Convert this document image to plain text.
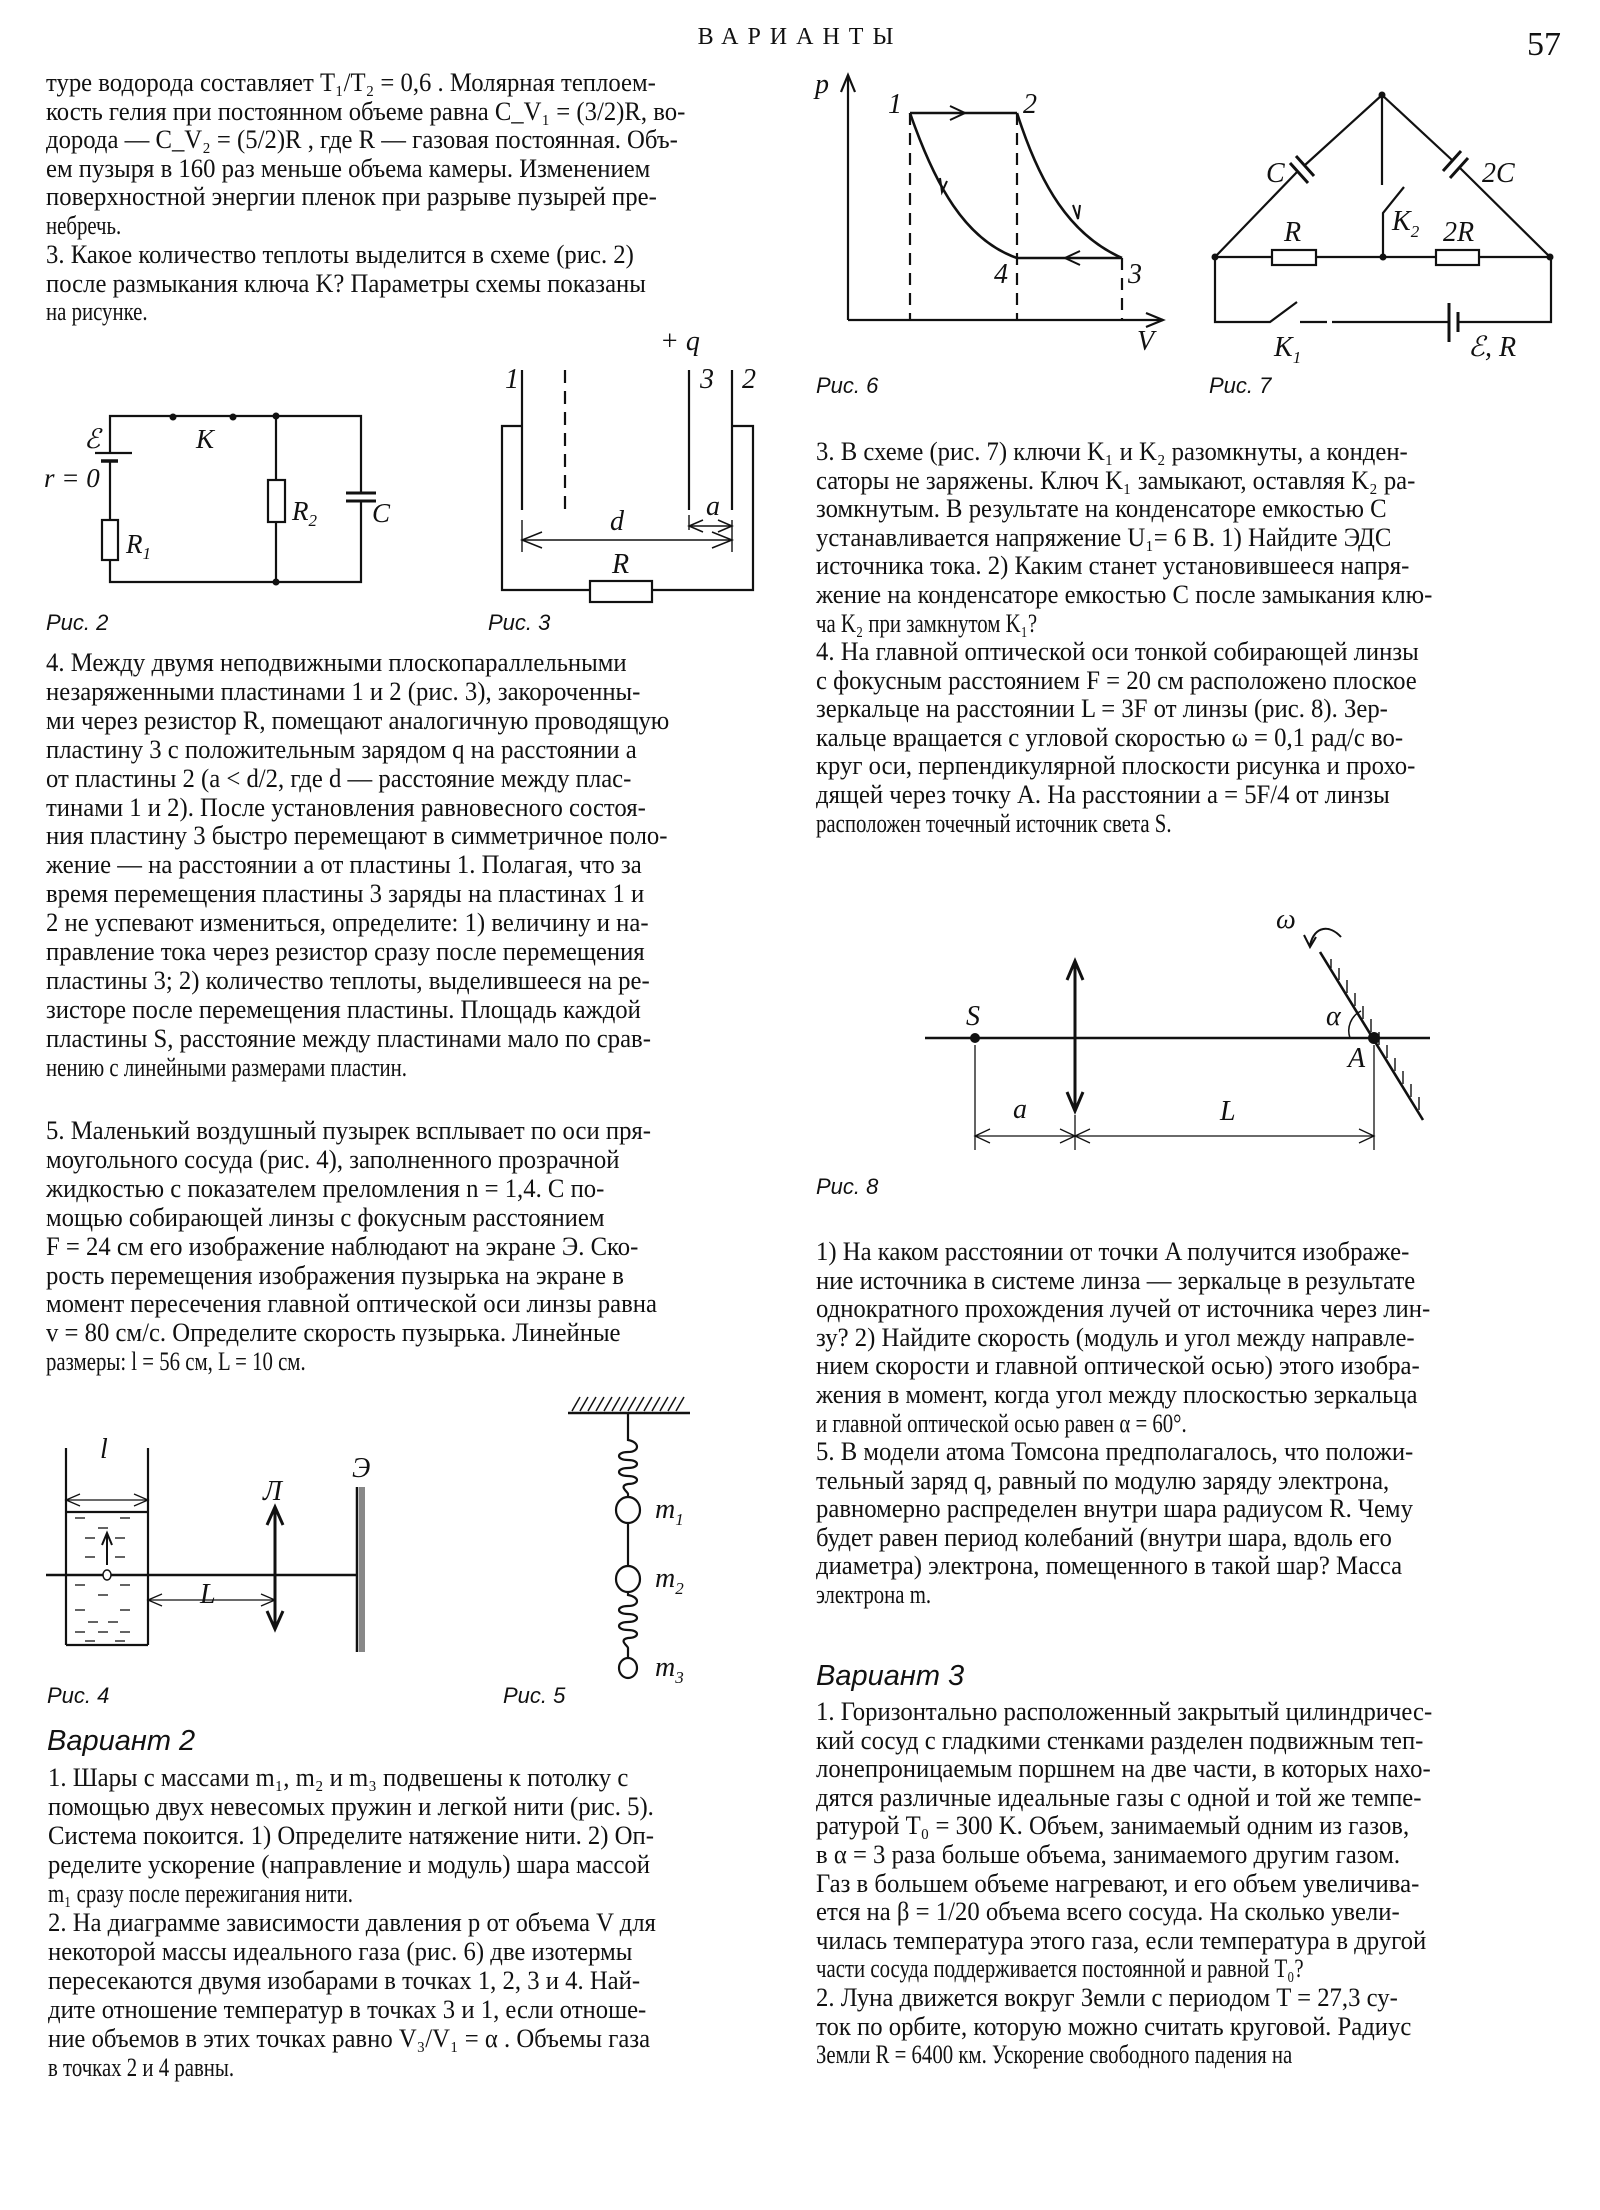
ВАРИАНТЫ	57
туре водорода составляет T₁/T₂ = 0,6 . Молярная теплоем-
кость гелия при постоянном объеме равна C_V₁ = (3/2)R, во-
дорода — C_V₂ = (5/2)R , где R — газовая постоянная. Объ-
ем пузыря в 160 раз меньше объема камеры. Изменением
поверхностной энергии пленок при разрыве пузырей пре-
небречь.
3. Какое количество теплоты выделится в схеме (рис. 2)
после размыкания ключа K? Параметры схемы показаны
на рисунке.
4. Между двумя неподвижными плоскопараллельными
незаряженными пластинами 1 и 2 (рис. 3), закороченны-
ми через резистор R, помещают аналогичную проводящую
пластину 3 с положительным зарядом q на расстоянии a
от пластины 2 (a < d/2, где d — расстояние между плас-
тинами 1 и 2). После установления равновесного состоя-
ния пластину 3 быстро перемещают в симметричное поло-
жение — на расстоянии a от пластины 1. Полагая, что за
время перемещения пластины 3 заряды на пластинах 1 и
2 не успевают измениться, определите: 1) величину и на-
правление тока через резистор сразу после перемещения
пластины 3; 2) количество теплоты, выделившееся на ре-
зисторе после перемещения пластины. Площадь каждой
пластины S, расстояние между пластинами мало по срав-
нению с линейными размерами пластин.
5. Маленький воздушный пузырек всплывает по оси пря-
моугольного сосуда (рис. 4), заполненного прозрачной
жидкостью с показателем преломления n = 1,4. С по-
мощью собирающей линзы с фокусным расстоянием
F = 24 см его изображение наблюдают на экране Э. Ско-
рость перемещения изображения пузырька на экране в
момент пересечения главной оптической оси линзы равна
v = 80 см/с. Определите скорость пузырька. Линейные
размеры: l = 56 см, L = 10 см.
Вариант 2
1. Шары с массами m₁, m₂ и m₃ подвешены к потолку с
помощью двух невесомых пружин и легкой нити (рис. 5).
Система покоится. 1) Определите натяжение нити. 2) Оп-
ределите ускорение (направление и модуль) шара массой
m₁ сразу после пережигания нити.
2. На диаграмме зависимости давления p от объема V для
некоторой массы идеального газа (рис. 6) две изотермы
пересекаются двумя изобарами в точках 1, 2, 3 и 4. Най-
дите отношение температур в точках 3 и 1, если отноше-
ние объемов в этих точках равно V₃/V₁ = α . Объемы газа
в точках 2 и 4 равны.
3. В схеме (рис. 7) ключи K₁ и K₂ разомкнуты, а конден-
саторы не заряжены. Ключ K₁ замыкают, оставляя K₂ ра-
зомкнутым. В результате на конденсаторе емкостью C
устанавливается напряжение U₁= 6 В. 1) Найдите ЭДС
источника тока. 2) Каким станет установившееся напря-
жение на конденсаторе емкостью C после замыкания клю-
ча K₂ при замкнутом K₁?
4. На главной оптической оси тонкой собирающей линзы
с фокусным расстоянием F = 20 см расположено плоское
зеркальце на расстоянии L = 3F от линзы (рис. 8). Зер-
кальце вращается с угловой скоростью ω = 0,1 рад/с во-
круг оси, перпендикулярной плоскости рисунка и прохо-
дящей через точку A. На расстоянии a = 5F/4 от линзы
расположен точечный источник света S.
1) На каком расстоянии от точки A получится изображе-
ние источника в системе линза — зеркальце в результате
однократного прохождения лучей от источника через лин-
зу? 2) Найдите скорость (модуль и угол между направле-
нием скорости и главной оптической осью) этого изобра-
жения в момент, когда угол между плоскостью зеркальца
и главной оптической осью равен α = 60°.
5. В модели атома Томсона предполагалось, что положи-
тельный заряд q, равный по модулю заряду электрона,
равномерно распределен внутри шара радиусом R. Чему
будет равен период колебаний (внутри шара, вдоль его
диаметра) электрона, помещенного в такой шар? Масса
электрона m.
Вариант 3
1. Горизонтально расположенный закрытый цилиндричес-
кий сосуд с гладкими стенками разделен подвижным теп-
лонепроницаемым поршнем на две части, в которых нахо-
дятся различные идеальные газы с одной и той же темпе-
ратурой T₀ = 300 K. Объем, занимаемый одним из газов,
в α = 3 раза больше объема, занимаемого другим газом.
Газ в большем объеме нагревают, и его объем увеличива-
ется на β = 1/20 объема всего сосуда. На сколько увели-
чилась температура этого газа, если температура в другой
части сосуда поддерживается постоянной и равной T₀?
2. Луна движется вокруг Земли с периодом T = 27,3 су-
ток по орбите, которую можно считать круговой. Радиус
Земли R = 6400 км. Ускорение свободного падения на
ℰ
r = 0
K
$R_1$
$R_2$ C
Рис. 2
+ q
1	3 2
d	a
R
Рис. 3
l
L
Л
Э
Рис. 4
$m_1$
$m_2$
$m_3$
Рис. 5
p
V
1	2
4	3
Рис. 6
C	2C
R	2R
$K_2$
$K_1$	ℰ, R
Рис. 7
ω
S	α
A
a	L
Рис. 8
